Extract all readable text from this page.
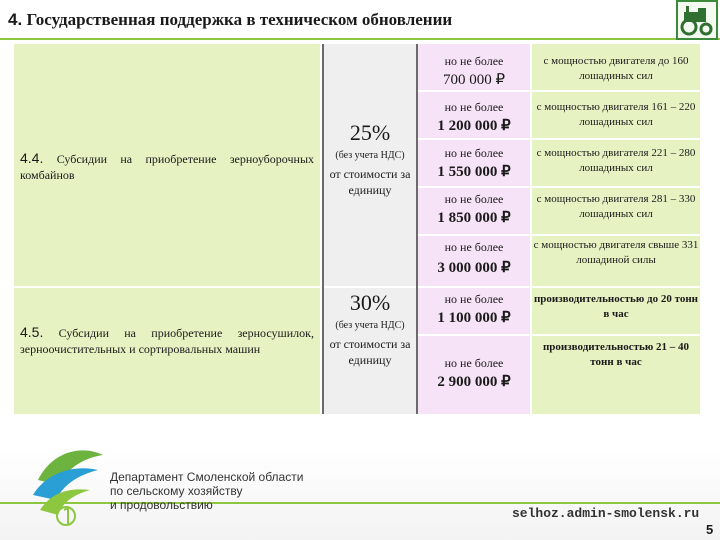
4. Государственная поддержка в техническом обновлении
4.4. Субсидии на приобретение зерноуборочных комбайнов
4.5. Субсидии на приобретение зерносушилок, зерноочистительных и сортировальных машин
25%
(без учета НДС)
от стоимости за единицу
30%
(без учета НДС)
от стоимости за единицу
но не более
700 000 ₽
но не более
1 200 000 ₽
но не более
1 550 000 ₽
но не более
1 850 000 ₽
но не более
3 000 000 ₽
но не более
1 100 000 ₽
но не более
2 900 000 ₽
с мощностью двигателя до 160 лошадиных сил
с мощностью двигателя 161 – 220 лошадиных сил
с мощностью двигателя 221 – 280 лошадиных сил
с мощностью двигателя 281 – 330 лошадиных сил
с мощностью двигателя свыше 331 лошадиной силы
производительностью до 20 тонн в час
производительностью 21 – 40 тонн в час
Департамент Смоленской области
по сельскому хозяйству
и продовольствию
selhoz.admin-smolensk.ru
5
